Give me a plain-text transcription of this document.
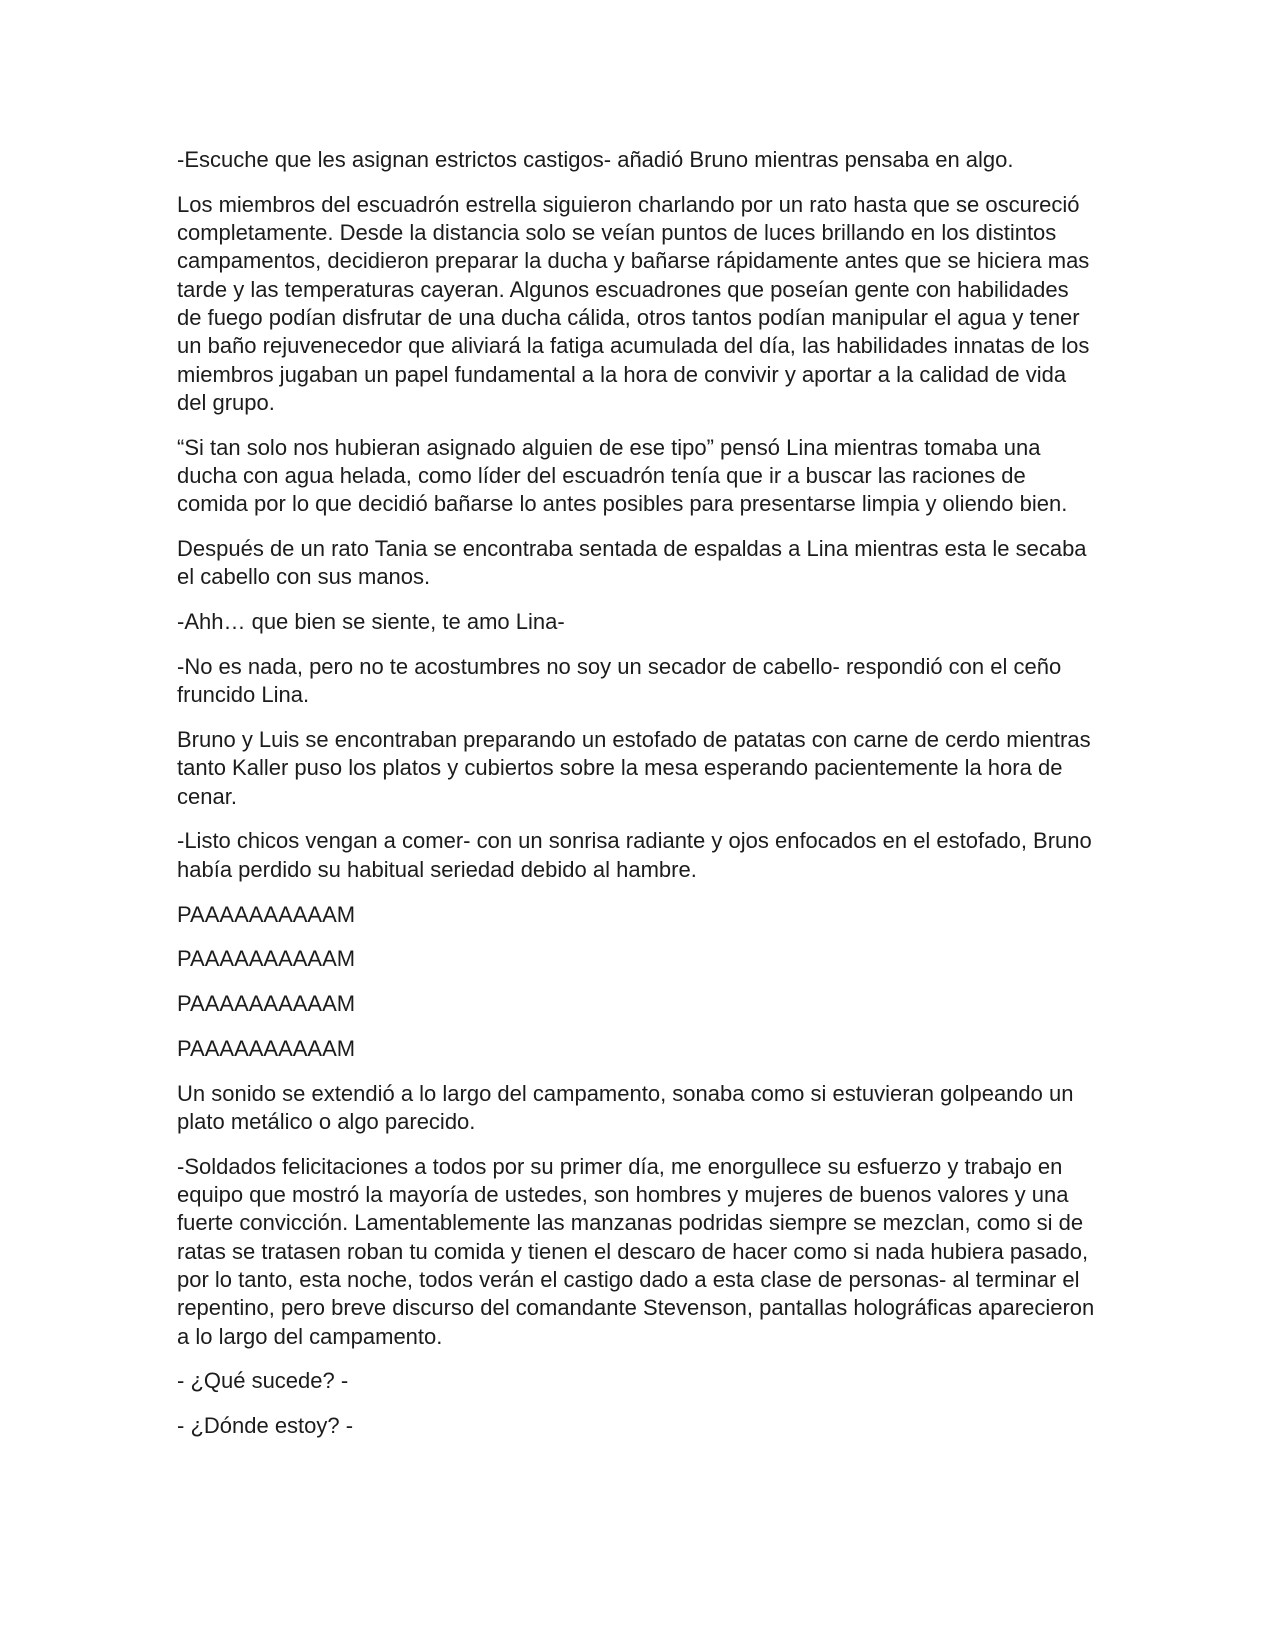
-Escuche que les asignan estrictos castigos- añadió Bruno mientras pensaba en algo.

Los miembros del escuadrón estrella siguieron charlando por un rato hasta que se oscureció completamente. Desde la distancia solo se veían puntos de luces brillando en los distintos campamentos, decidieron preparar la ducha y bañarse rápidamente antes que se hiciera mas tarde y las temperaturas cayeran. Algunos escuadrones que poseían gente con habilidades de fuego podían disfrutar de una ducha cálida, otros tantos podían manipular el agua y tener un baño rejuvenecedor que aliviará la fatiga acumulada del día, las habilidades innatas de los miembros jugaban un papel fundamental a la hora de convivir y aportar a la calidad de vida del grupo.

“Si tan solo nos hubieran asignado alguien de ese tipo” pensó Lina mientras tomaba una ducha con agua helada, como líder del escuadrón tenía que ir a buscar las raciones de comida por lo que decidió bañarse lo antes posibles para presentarse limpia y oliendo bien.

Después de un rato Tania se encontraba sentada de espaldas a Lina mientras esta le secaba el cabello con sus manos.

-Ahh… que bien se siente, te amo Lina-

-No es nada, pero no te acostumbres no soy un secador de cabello- respondió con el ceño fruncido Lina.

Bruno y Luis se encontraban preparando un estofado de patatas con carne de cerdo mientras tanto Kaller puso los platos y cubiertos sobre la mesa esperando pacientemente la hora de cenar.

-Listo chicos vengan a comer- con un sonrisa radiante y ojos enfocados en el estofado, Bruno había perdido su habitual seriedad debido al hambre.

PAAAAAAAAAAM

PAAAAAAAAAAM

PAAAAAAAAAAM

PAAAAAAAAAAM

Un sonido se extendió a lo largo del campamento, sonaba como si estuvieran golpeando un plato metálico o algo parecido.

-Soldados felicitaciones a todos por su primer día, me enorgullece su esfuerzo y trabajo en equipo que mostró la mayoría de ustedes, son hombres y mujeres de buenos valores y una fuerte convicción. Lamentablemente las manzanas podridas siempre se mezclan, como si de ratas se tratasen roban tu comida y tienen el descaro de hacer como si nada hubiera pasado, por lo tanto, esta noche, todos verán el castigo dado a esta clase de personas- al terminar el repentino, pero breve discurso del comandante Stevenson, pantallas holográficas aparecieron a lo largo del campamento.

- ¿Qué sucede? -

- ¿Dónde estoy? -
